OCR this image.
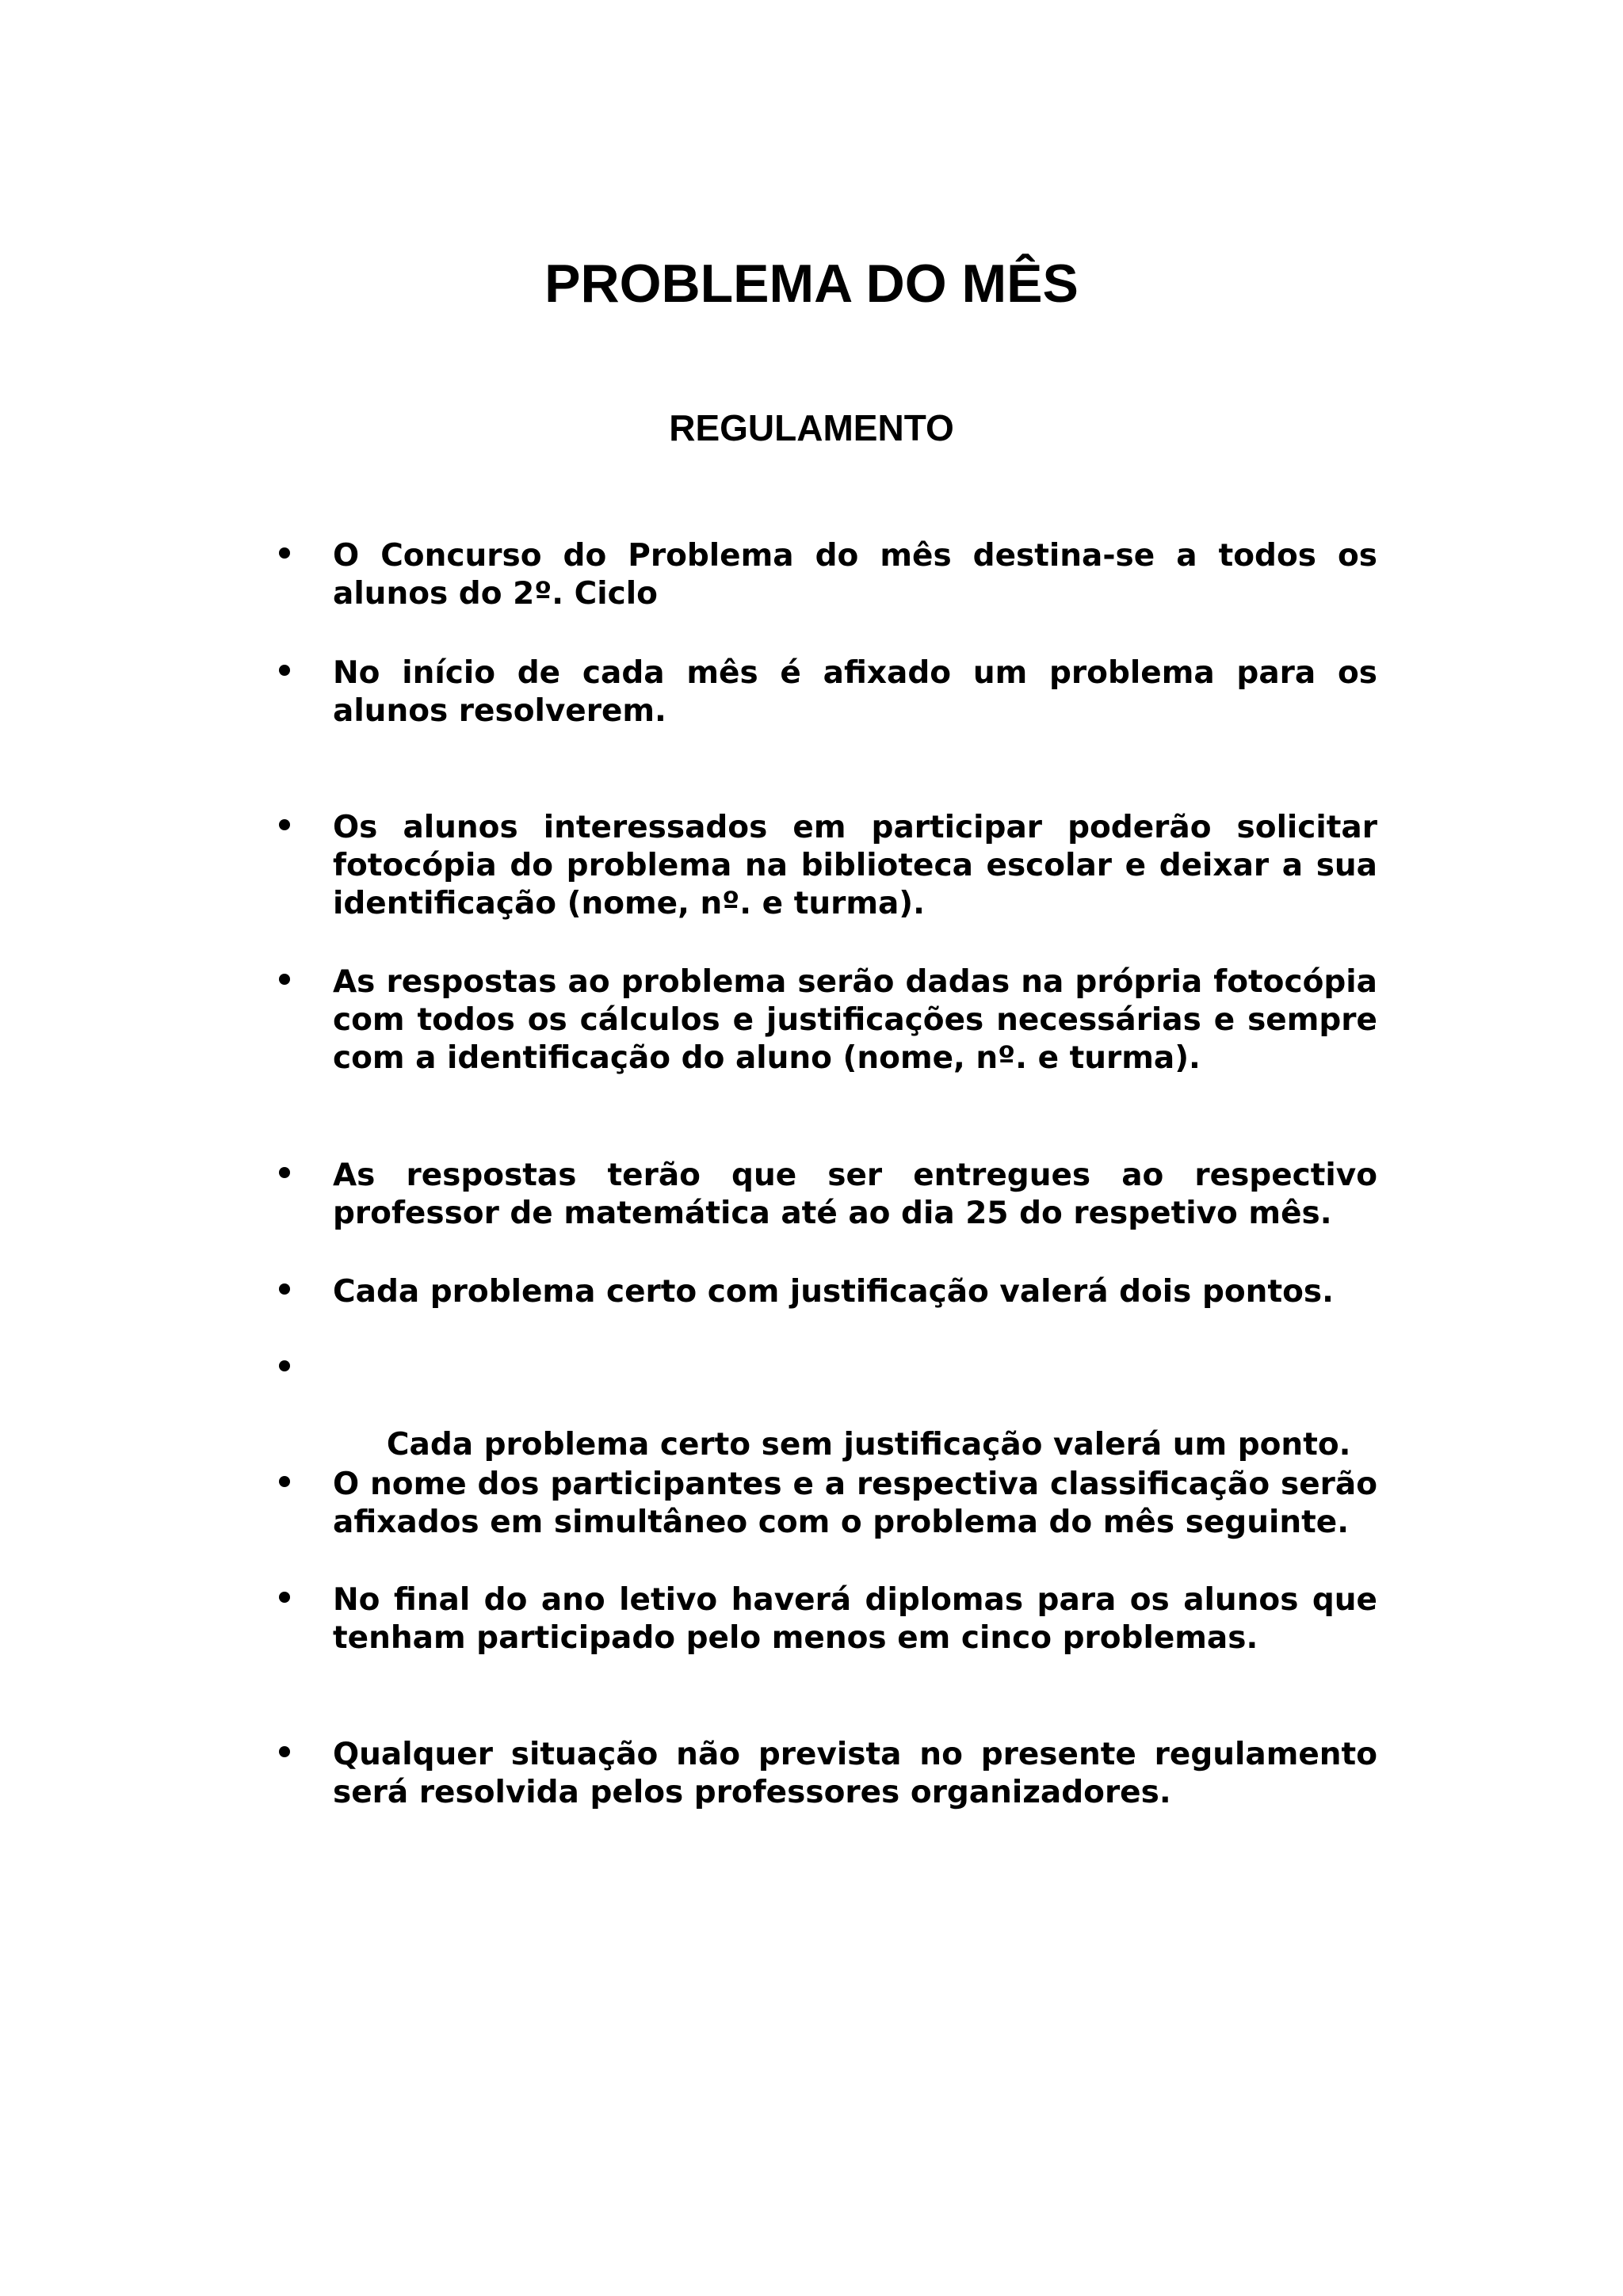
PROBLEMA DO MÊS
REGULAMENTO
O Concurso do Problema do mês destina-se a todos os alunos do 2º. Ciclo
No início de cada mês é afixado um problema para os alunos resolverem.
Os alunos interessados em participar poderão solicitar fotocópia do problema na biblioteca escolar e deixar a sua identificação (nome, nº. e turma).
As respostas ao problema serão dadas na própria fotocópia com todos os cálculos e justificações necessárias e sempre com a identificação do aluno (nome, nº. e turma).
As respostas terão que ser entregues ao respectivo professor de matemática até ao dia 25 do respetivo mês.
Cada problema certo com justificação valerá dois pontos.

Cada problema certo sem justificação valerá um ponto.

O nome dos participantes e a respectiva classificação serão afixados em simultâneo com o problema do mês seguinte.
No final do ano letivo haverá diplomas para os alunos que tenham participado pelo menos em cinco problemas.
Qualquer situação não prevista no presente regulamento será resolvida pelos professores organizadores.
